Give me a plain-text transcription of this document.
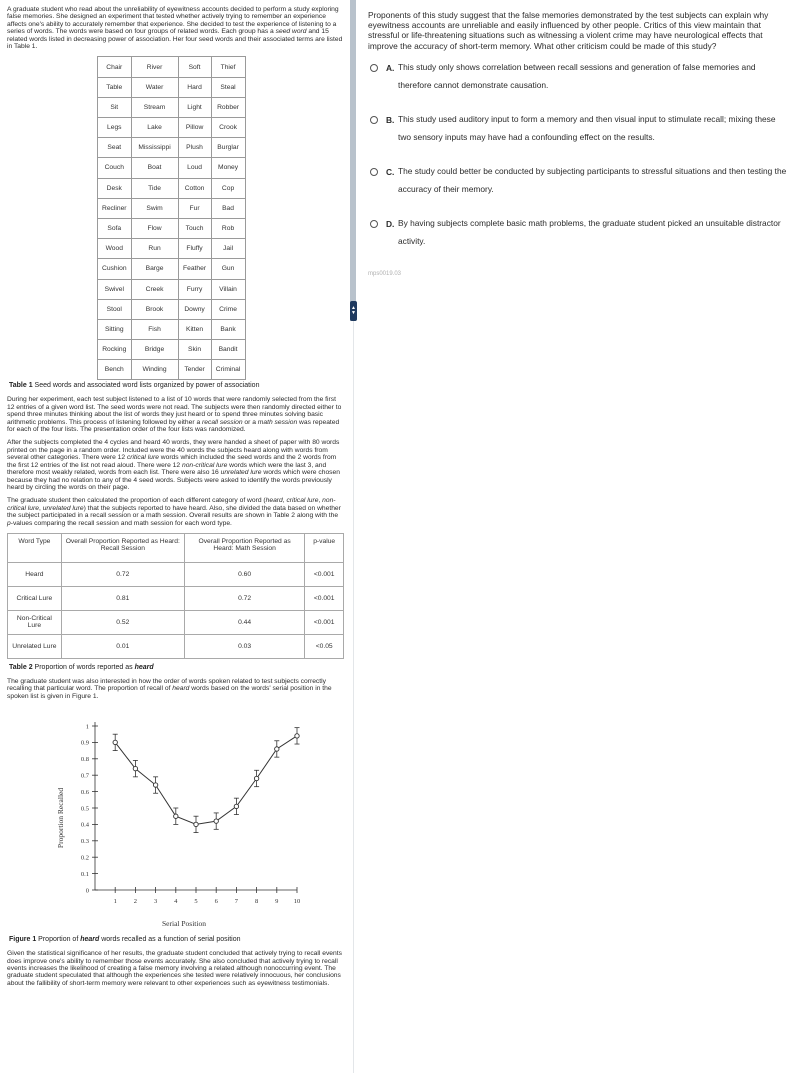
A graduate student who read about the unreliability of eyewitness accounts decided to perform a study exploring false memories. She designed an experiment that tested whether actively trying to remember an experience affects one's ability to accurately remember that experience. She decided to test the experience of listening to a series of words. The words were based on four groups of related words. Each group has a seed word and 15 related words listed in decreasing power of association. Her four seed words and their associated terms are listed in Table 1.

Chair	River	Soft	Thief
Table	Water	Hard	Steal
Sit	Stream	Light	Robber
Legs	Lake	Pillow	Crook
Seat	Mississippi	Plush	Burglar
Couch	Boat	Loud	Money
Desk	Tide	Cotton	Cop
Recliner	Swim	Fur	Bad
Sofa	Flow	Touch	Rob
Wood	Run	Fluffy	Jail
Cushion	Barge	Feather	Gun
Swivel	Creek	Furry	Villain
Stool	Brook	Downy	Crime
Sitting	Fish	Kitten	Bank
Rocking	Bridge	Skin	Bandit
Bench	Winding	Tender	Criminal
Table 1 Seed words and associated word lists organized by power of association

During her experiment, each test subject listened to a list of 10 words that were randomly selected from the first 12 entries of a given word list. The seed words were not read. The subjects were then randomly directed either to spend three minutes thinking about the list of words they just heard or to spend three minutes solving basic arithmetic problems. This process of listening followed by either a recall session or a math session was repeated for each of the four lists. The presentation order of the four lists was randomized.

After the subjects completed the 4 cycles and heard 40 words, they were handed a sheet of paper with 80 words printed on the page in a random order. Included were the 40 words the subjects heard along with words from several other categories. There were 12 critical lure words which included the seed words and the 2 words from the first 12 entries of the list not read aloud. There were 12 non-critical lure words which were the last 3, and therefore most weakly related, words from each list. There were also 16 unrelated lure words which were chosen because they had no relation to any of the 4 seed words. Subjects were asked to identify the words previously heard by circling the words on their page.

The graduate student then calculated the proportion of each different category of word (heard, critical lure, non-critical lure, unrelated lure) that the subjects reported to have heard. Also, she divided the data based on whether the subject participated in a recall session or a math session. Overall results are shown in Table 2 along with the p-values comparing the recall session and math session for each word type.

Word Type	Overall Proportion Reported as Heard: Recall Session	Overall Proportion Reported as Heard: Math Session	p-value
Heard	0.72	0.60	<0.001
Critical Lure	0.81	0.72	<0.001
Non-Critical Lure	0.52	0.44	<0.001
Unrelated Lure	0.01	0.03	<0.05
Table 2 Proportion of words reported as heard

The graduate student was also interested in how the order of words spoken related to test subjects correctly recalling that particular word. The proportion of recall of heard words based on the words' serial position in the spoken list is given in Figure 1.

0
0.1
0.2
0.3
0.4
0.5
0.6
0.7
0.8
0.9
1
1	2	3	4	5	6	7	8	9 10
Serial Position
Proportion Recalled
Figure 1 Proportion of heard words recalled as a function of serial position

Given the statistical significance of her results, the graduate student concluded that actively trying to recall events does improve one's ability to remember those events accurately. She also concluded that actively trying to recall events increases the likelihood of creating a false memory involving a related although nonoccurring event. The graduate student speculated that although the experiences she tested were relatively innocuous, her conclusions about the fallibility of short-term memory were relevant to other experiences such as eyewitness testimonials.

▲
▼

Proponents of this study suggest that the false memories demonstrated by the test subjects can explain why eyewitness accounts are unreliable and easily influenced by other people. Critics of this view maintain that stressful or life-threatening situations such as witnessing a violent crime may have neurological effects that improve the accuracy of short-term memory. What other criticism could be made of this study?

A. This study only shows correlation between recall sessions and generation of false memories and therefore cannot demonstrate causation.
B. This study used auditory input to form a memory and then visual input to stimulate recall; mixing these two sensory inputs may have had a confounding effect on the results.
C. The study could better be conducted by subjecting participants to stressful situations and then testing the accuracy of their memory.
D. By having subjects complete basic math problems, the graduate student picked an unsuitable distractor activity.
mps0019.03
